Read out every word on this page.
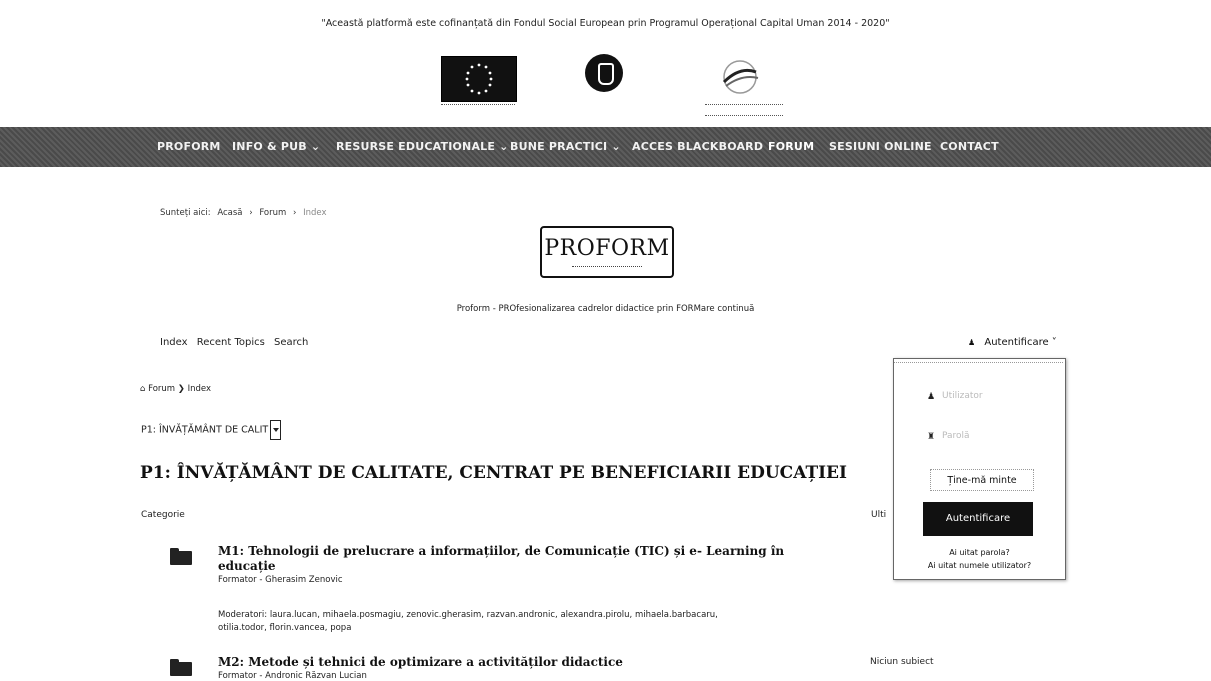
"Această platformă este cofinanțată din Fondul Social European prin Programul Operațional Capital Uman 2014 - 2020"
PROFORM INFO & PUB ⌄ RESURSE EDUCATIONALE ⌄ BUNE PRACTICI ⌄ ACCES BLACKBOARD FORUM SESIUNI ONLINE CONTACT
Sunteți aici: Acasă › Forum › Index
PROFORM
Proform - PROfesionalizarea cadrelor didactice prin FORMare continuă
Index Recent Topics Search	♟ Autentificare ˅
⌂ Forum ❯ Index
P1: ÎNVĂȚĂMÂNT DE CALIT
P1: ÎNVĂȚĂMÂNT DE CALITATE, CENTRAT PE BENEFICIARII EDUCAȚIEI
Categorie	Ulti
M1: Tehnologii de prelucrare a informațiilor, de Comunicație (TIC) și e- Learning în
educație
Formator - Gherasim Zenovic
Moderatori: laura.lucan, mihaela.posmagiu, zenovic.gherasim, razvan.andronic, alexandra.pirolu, mihaela.barbacaru,
otilia.todor, florin.vancea, popa
M2: Metode și tehnici de optimizare a activităților didactice
Formator - Andronic Răzvan Lucian
Niciun subiect
♟ Utilizator
♜ Parolă
Ține-mă minte
Autentificare
Ai uitat parola?
Ai uitat numele utilizator?
